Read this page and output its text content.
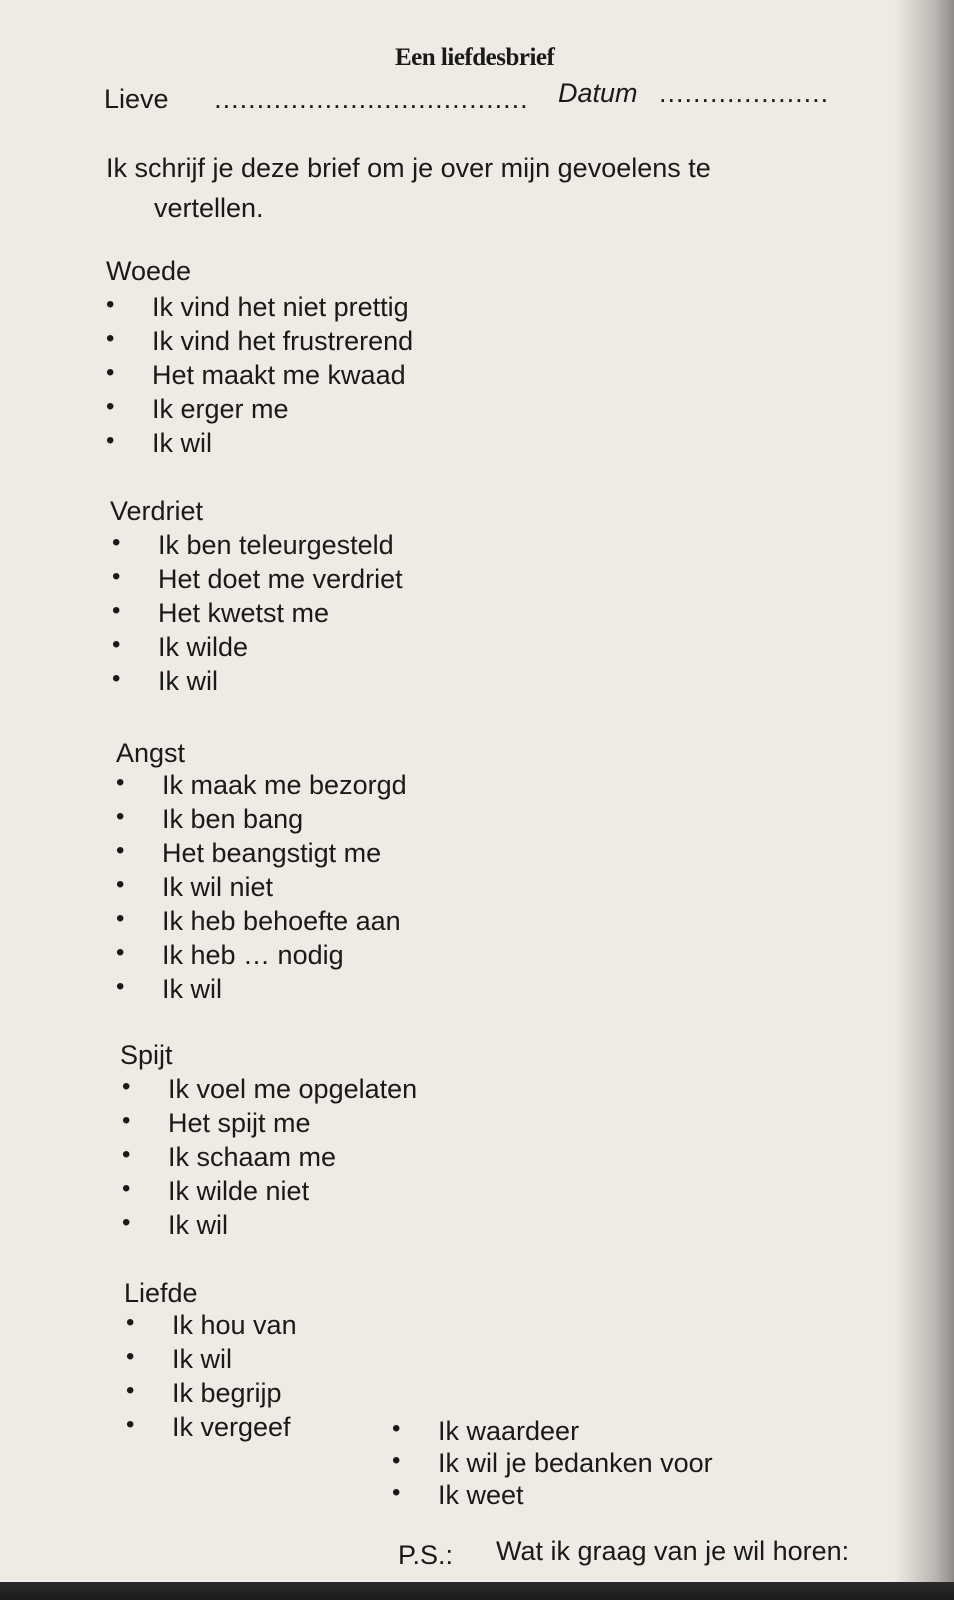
Een liefdesbrief
Lieve ..................................... Datum ....................
Ik schrijf je deze brief om je over mijn gevoelens te
vertellen.
Woede
• Ik vind het niet prettig
• Ik vind het frustrerend
• Het maakt me kwaad
• Ik erger me
• Ik wil
Verdriet
• Ik ben teleurgesteld
• Het doet me verdriet
• Het kwetst me
• Ik wilde
• Ik wil
Angst
• Ik maak me bezorgd
• Ik ben bang
• Het beangstigt me
• Ik wil niet
• Ik heb behoefte aan
• Ik heb … nodig
• Ik wil
Spijt
• Ik voel me opgelaten
• Het spijt me
• Ik schaam me
• Ik wilde niet
• Ik wil
Liefde
• Ik hou van
• Ik wil
• Ik begrijp
• Ik vergeef	• Ik waardeer
• Ik wil je bedanken voor
• Ik weet
P.S.: Wat ik graag van je wil horen:
